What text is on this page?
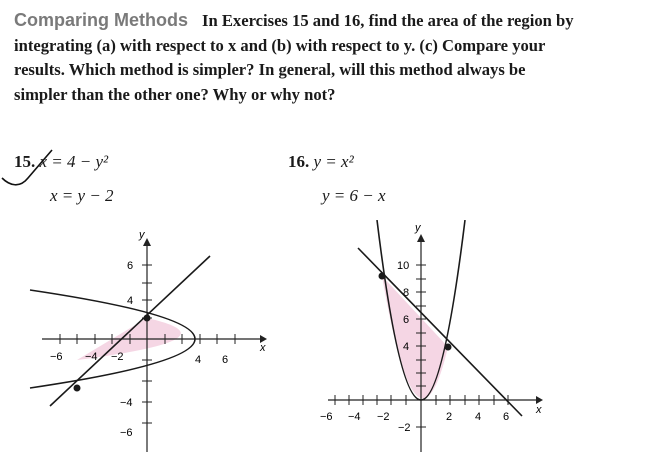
Comparing Methods In Exercises 15 and 16, find the area of the region by integrating (a) with respect to x and (b) with respect to y. (c) Compare your results. Which method is simpler? In general, will this method always be simpler than the other one? Why or why not?
15. x = 4 − y²
x = y − 2
16. y = x²
y = 6 − x
y
x
−6 −4 −2	4 6
6
4
−4
−6
y
x
−6 −4 −2	2 4 6
10
8
6
4
−2
